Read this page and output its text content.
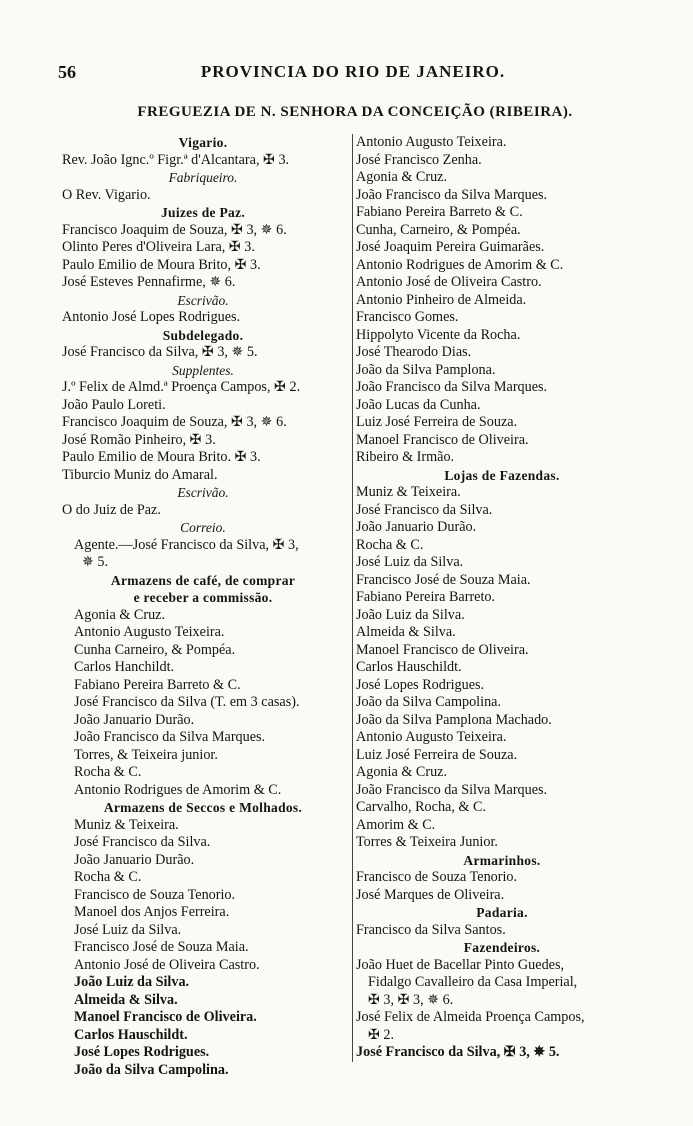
56	PROVINCIA DO RIO DE JANEIRO.
FREGUEZIA DE N. SENHORA DA CONCEIÇÃO (RIBEIRA).
Vigario.
Rev. João Ignc.º Figr.ª d'Alcantara, ✠ 3.
Fabriqueiro.
O Rev. Vigario.
Juizes de Paz.
Francisco Joaquim de Souza, ✠ 3, ✵ 6.
Olinto Peres d'Oliveira Lara, ✠ 3.
Paulo Emilio de Moura Brito, ✠ 3.
José Esteves Pennafirme, ✵ 6.
Escrivão.
Antonio José Lopes Rodrigues.
Subdelegado.
José Francisco da Silva, ✠ 3, ✵ 5.
Supplentes.
J.º Felix de Almd.ª Proença Campos, ✠ 2.
João Paulo Loreti.
Francisco Joaquim de Souza, ✠ 3, ✵ 6.
José Romão Pinheiro, ✠ 3.
Paulo Emilio de Moura Brito. ✠ 3.
Tiburcio Muniz do Amaral.
Escrivão.
O do Juiz de Paz.
Correio.
Agente.—José Francisco da Silva, ✠ 3,
✵ 5.
Armazens de café, de comprar
e receber a commissão.
Agonia & Cruz.
Antonio Augusto Teixeira.
Cunha Carneiro, & Pompéa.
Carlos Hanchildt.
Fabiano Pereira Barreto & C.
José Francisco da Silva (T. em 3 casas).
João Januario Durão.
João Francisco da Silva Marques.
Torres, & Teixeira junior.
Rocha & C.
Antonio Rodrigues de Amorim & C.
Armazens de Seccos e Molhados.
Muniz & Teixeira.
José Francisco da Silva.
João Januario Durão.
Rocha & C.
Francisco de Souza Tenorio.
Manoel dos Anjos Ferreira.
José Luiz da Silva.
Francisco José de Souza Maia.
Antonio José de Oliveira Castro.
João Luiz da Silva.
Almeida & Silva.
Manoel Francisco de Oliveira.
Carlos Hauschildt.
José Lopes Rodrigues.
João da Silva Campolina.
Antonio Augusto Teixeira.
José Francisco Zenha.
Agonia & Cruz.
João Francisco da Silva Marques.
Fabiano Pereira Barreto & C.
Cunha, Carneiro, & Pompéa.
José Joaquim Pereira Guimarães.
Antonio Rodrigues de Amorim & C.
Antonio José de Oliveira Castro.
Antonio Pinheiro de Almeida.
Francisco Gomes.
Hippolyto Vicente da Rocha.
José Thearodo Dias.
João da Silva Pamplona.
João Francisco da Silva Marques.
João Lucas da Cunha.
Luiz José Ferreira de Souza.
Manoel Francisco de Oliveira.
Ribeiro & Irmão.
Lojas de Fazendas.
Muniz & Teixeira.
José Francisco da Silva.
João Januario Durão.
Rocha & C.
José Luiz da Silva.
Francisco José de Souza Maia.
Fabiano Pereira Barreto.
João Luiz da Silva.
Almeida & Silva.
Manoel Francisco de Oliveira.
Carlos Hauschildt.
José Lopes Rodrigues.
João da Silva Campolina.
João da Silva Pamplona Machado.
Antonio Augusto Teixeira.
Luiz José Ferreira de Souza.
Agonia & Cruz.
João Francisco da Silva Marques.
Carvalho, Rocha, & C.
Amorim & C.
Torres & Teixeira Junior.
Armarinhos.
Francisco de Souza Tenorio.
José Marques de Oliveira.
Padaria.
Francisco da Silva Santos.
Fazendeiros.
João Huet de Bacellar Pinto Guedes,
Fidalgo Cavalleiro da Casa Imperial,
✠ 3, ✠ 3, ✵ 6.
José Felix de Almeida Proença Campos,
✠ 2.
José Francisco da Silva, ✠ 3, ✵ 5.
